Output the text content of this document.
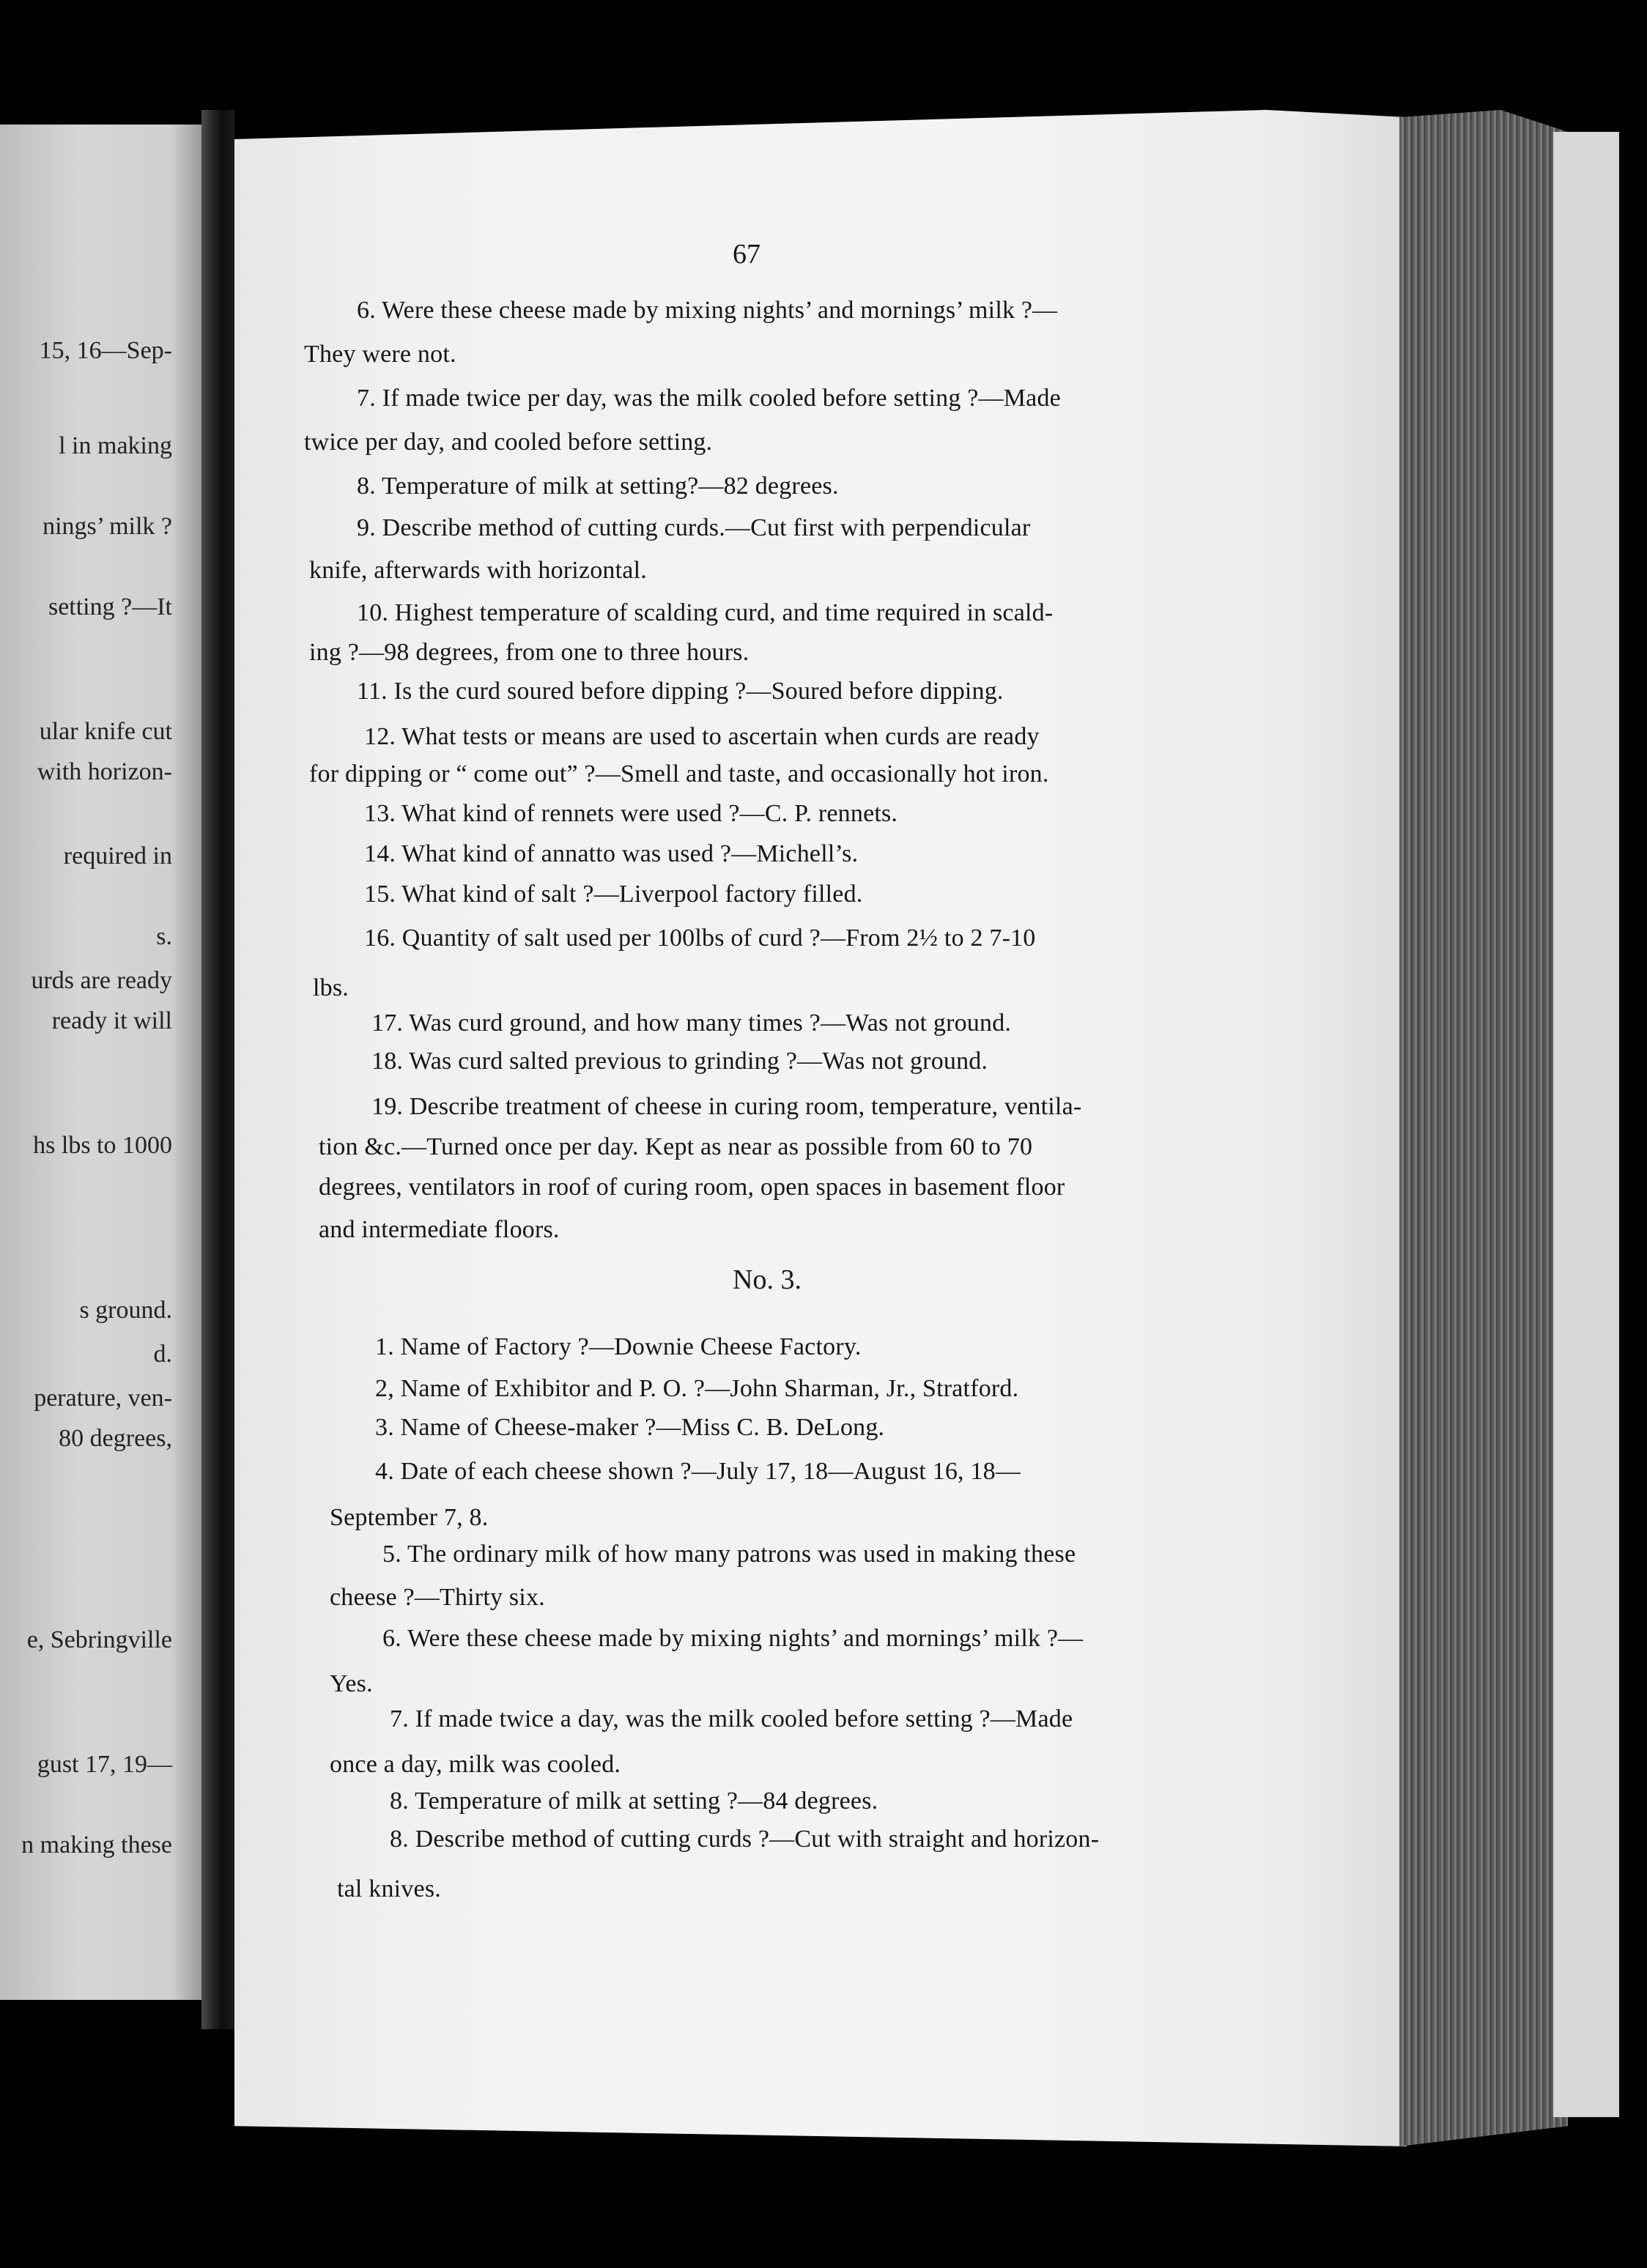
15, 16—Sep-
l in making
nings’ milk ?
setting ?—It
ular knife cut
with horizon-
required in
s.
urds are ready
ready it will
hs lbs to 1000
s ground.
d.
perature, ven-
80 degrees,
e, Sebringville
gust 17, 19—
n making these
67
6. Were these cheese made by mixing nights’ and mornings’ milk ?—
They were not.
7. If made twice per day, was the milk cooled before setting ?—Made
twice per day, and cooled before setting.
8. Temperature of milk at setting?—82 degrees.
9. Describe method of cutting curds.—Cut first with perpendicular
knife, afterwards with horizontal.
10. Highest temperature of scalding curd, and time required in scald-
ing ?—98 degrees, from one to three hours.
11. Is the curd soured before dipping ?—Soured before dipping.
12. What tests or means are used to ascertain when curds are ready
for dipping or “ come out” ?—Smell and taste, and occasionally hot iron.
13. What kind of rennets were used ?—C. P. rennets.
14. What kind of annatto was used ?—Michell’s.
15. What kind of salt ?—Liverpool factory filled.
16. Quantity of salt used per 100lbs of curd ?—From 2½ to 2 7-10
lbs.
17. Was curd ground, and how many times ?—Was not ground.
18. Was curd salted previous to grinding ?—Was not ground.
19. Describe treatment of cheese in curing room, temperature, ventila-
tion &c.—Turned once per day. Kept as near as possible from 60 to 70
degrees, ventilators in roof of curing room, open spaces in basement floor
and intermediate floors.
No. 3.
1. Name of Factory ?—Downie Cheese Factory.
2, Name of Exhibitor and P. O. ?—John Sharman, Jr., Stratford.
3. Name of Cheese-maker ?—Miss C. B. DeLong.
4. Date of each cheese shown ?—July 17, 18—August 16, 18—
September 7, 8.
5. The ordinary milk of how many patrons was used in making these
cheese ?—Thirty six.
6. Were these cheese made by mixing nights’ and mornings’ milk ?—
Yes.
7. If made twice a day, was the milk cooled before setting ?—Made
once a day, milk was cooled.
8. Temperature of milk at setting ?—84 degrees.
8. Describe method of cutting curds ?—Cut with straight and horizon-
tal knives.
